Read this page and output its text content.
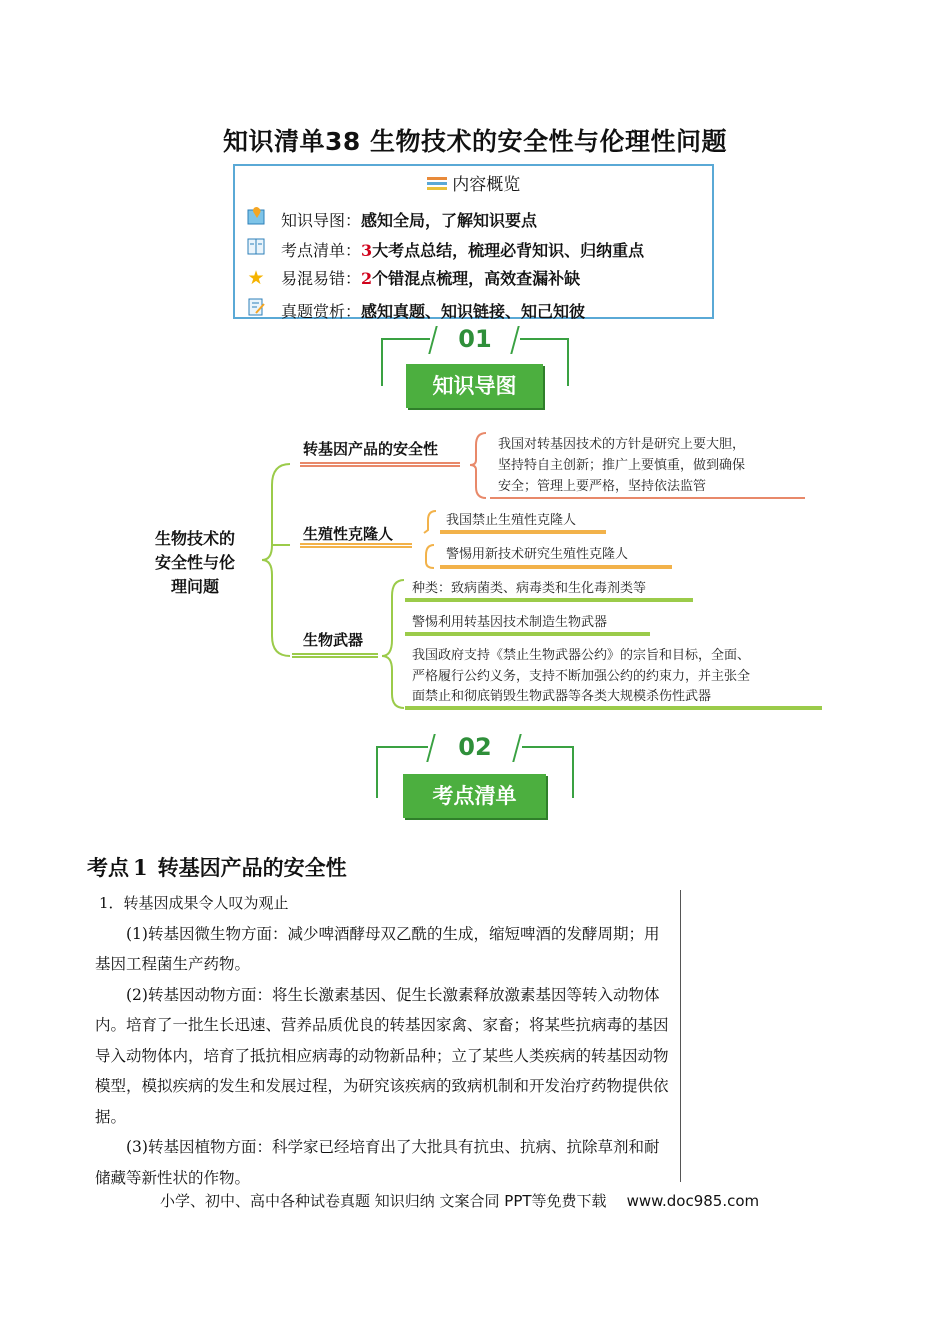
知识清单38 生物技术的安全性与伦理性问题
内容概览
知识导图：感知全局，了解知识要点
考点清单：3大考点总结，梳理必背知识、归纳重点
★ 易混易错：2个错混点梳理，高效查漏补缺
真题赏析：感知真题、知识链接、知己知彼
01
知识导图
生物技术的
安全性与伦
理问题
转基因产品的安全性	我国对转基因技术的方针是研究上要大胆，
坚持特自主创新；推广上要慎重，做到确保
安全；管理上要严格，坚持依法监管
生殖性克隆人
我国禁止生殖性克隆人
警惕用新技术研究生殖性克隆人
生物武器
种类：致病菌类、病毒类和生化毒剂类等
警惕利用转基因技术制造生物武器
我国政府支持《禁止生物武器公约》的宗旨和目标，全面、
严格履行公约义务，支持不断加强公约的约束力，并主张全
面禁止和彻底销毁生物武器等各类大规模杀伤性武器
02
考点清单
考点 1 转基因产品的安全性

1．转基因成果令人叹为观止

(1)转基因微生物方面：减少啤酒酵母双乙酰的生成，缩短啤酒的发酵周期；用基因工程菌生产药物。

(2)转基因动物方面：将生长激素基因、促生长激素释放激素基因等转入动物体内。培育了一批生长迅速、营养品质优良的转基因家禽、家畜；将某些抗病毒的基因导入动物体内，培育了抵抗相应病毒的动物新品种；立了某些人类疾病的转基因动物模型，模拟疾病的发生和发展过程，为研究该疾病的致病机制和开发治疗药物提供依据。

(3)转基因植物方面：科学家已经培育出了大批具有抗虫、抗病、抗除草剂和耐储藏等新性状的作物。

小学、初中、高中各种试卷真题 知识归纳 文案合同 PPT等免费下载 www.doc985.com
